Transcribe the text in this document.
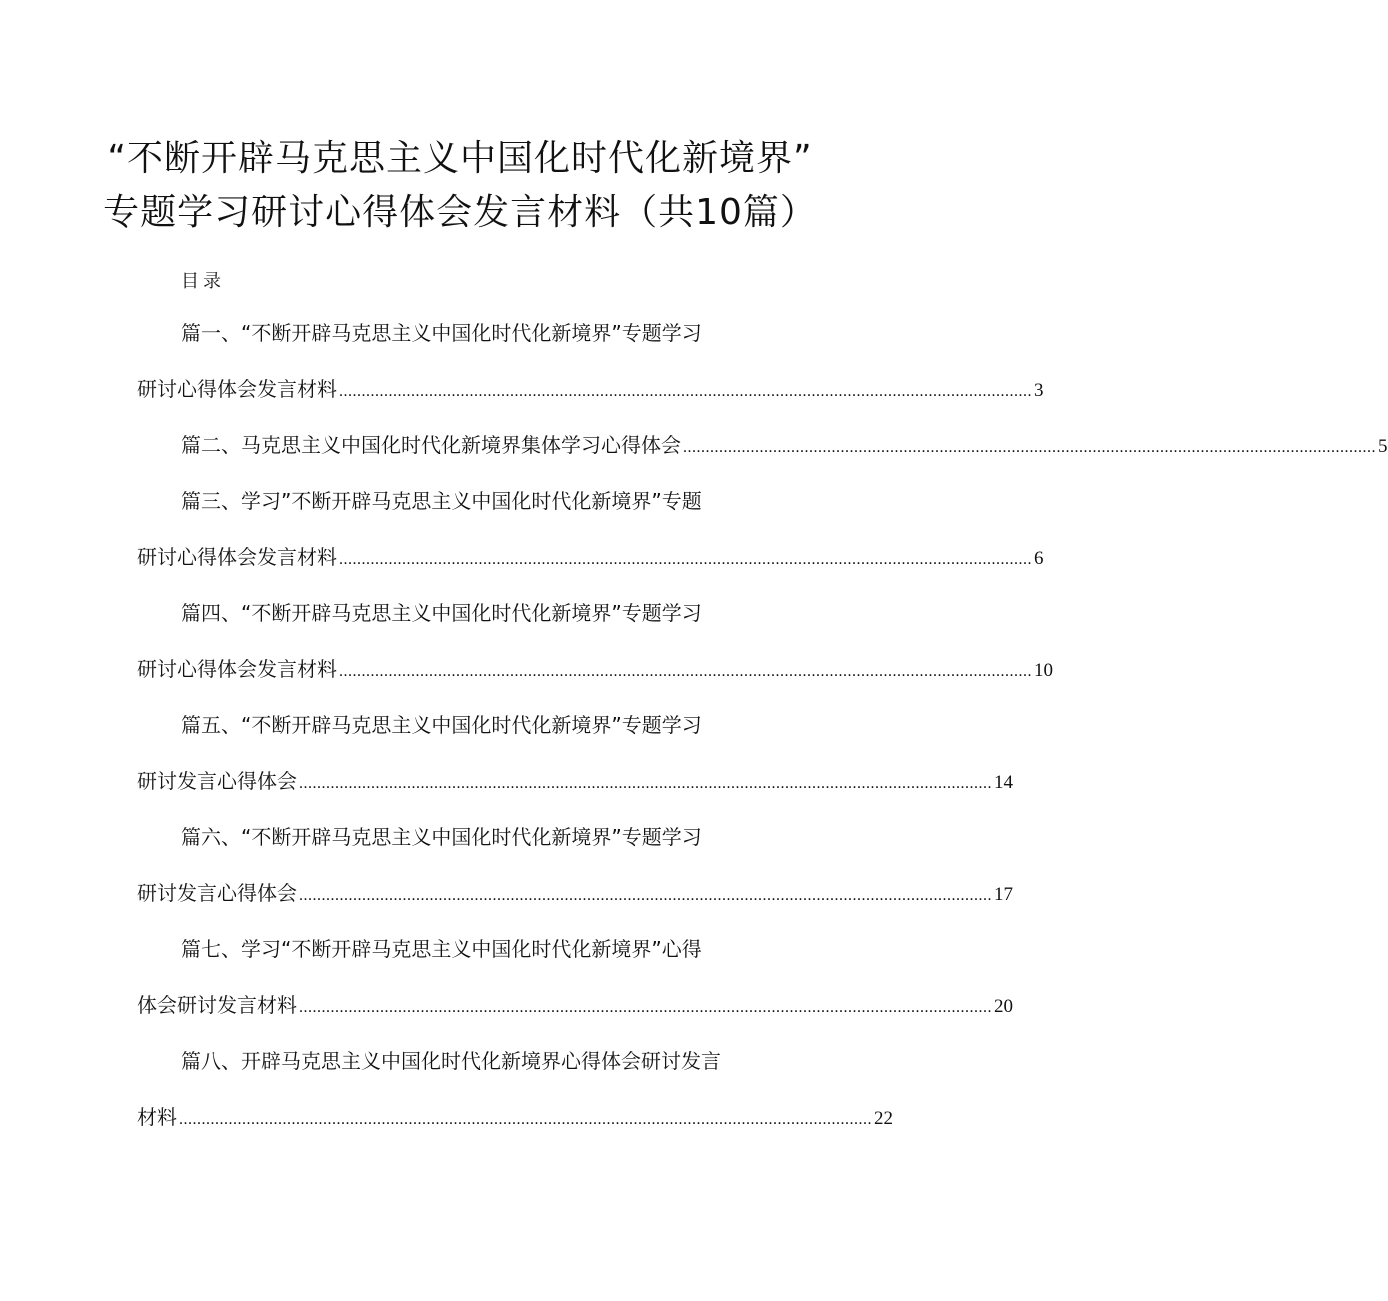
“不断开辟马克思主义中国化时代化新境界”
专题学习研讨心得体会发言材料（共10篇）
目录
篇一、“不断开辟马克思主义中国化时代化新境界”专题学习
研讨心得体会发言材料 .......................................................................................................................................................... 3
篇二、马克思主义中国化时代化新境界集体学习心得体会 .......................................................................................................................................................... 5
篇三、学习”不断开辟马克思主义中国化时代化新境界”专题
研讨心得体会发言材料 .......................................................................................................................................................... 6
篇四、“不断开辟马克思主义中国化时代化新境界”专题学习
研讨心得体会发言材料 .......................................................................................................................................................... 10
篇五、“不断开辟马克思主义中国化时代化新境界”专题学习
研讨发言心得体会 .......................................................................................................................................................... 14
篇六、“不断开辟马克思主义中国化时代化新境界”专题学习
研讨发言心得体会 .......................................................................................................................................................... 17
篇七、学习“不断开辟马克思主义中国化时代化新境界”心得
体会研讨发言材料 .......................................................................................................................................................... 20
篇八、开辟马克思主义中国化时代化新境界心得体会研讨发言
材料 .......................................................................................................................................................... 22
